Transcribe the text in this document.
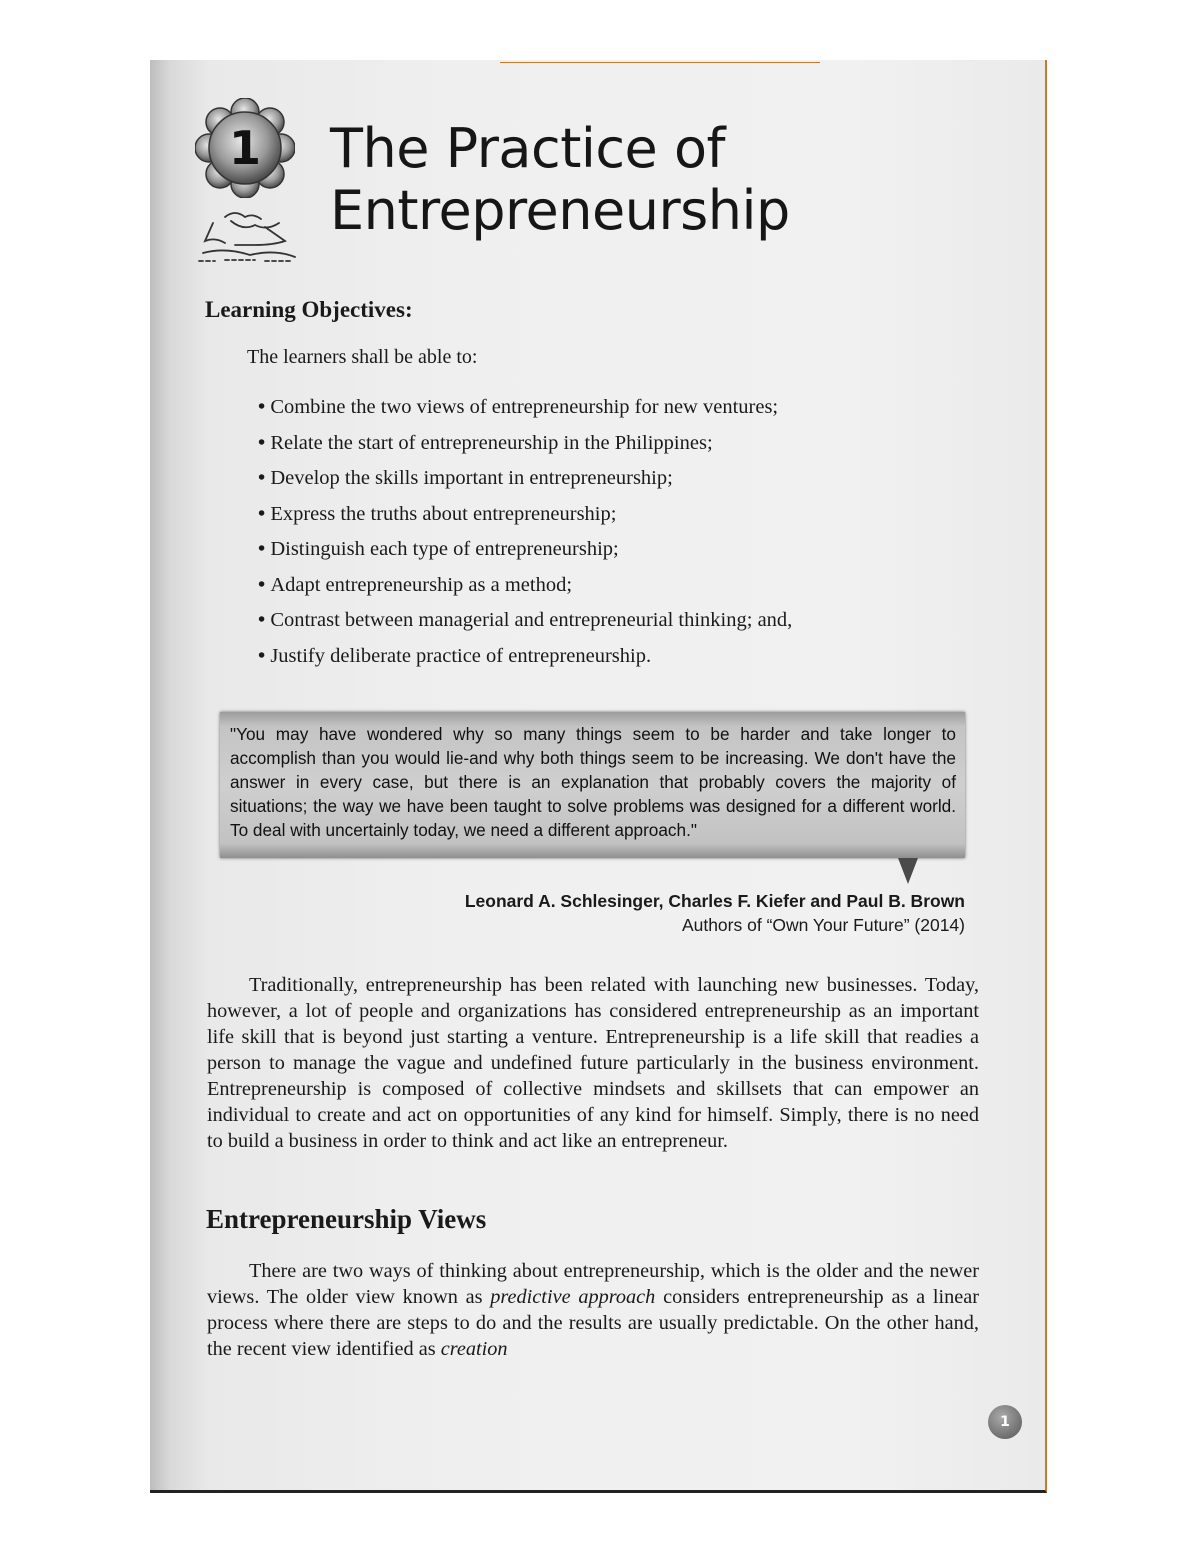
1	The Practice of
Entrepreneurship
Learning Objectives:
The learners shall be able to:
• Combine the two views of entrepreneurship for new ventures;
• Relate the start of entrepreneurship in the Philippines;
• Develop the skills important in entrepreneurship;
• Express the truths about entrepreneurship;
• Distinguish each type of entrepreneurship;
• Adapt entrepreneurship as a method;
• Contrast between managerial and entrepreneurial thinking; and,
• Justify deliberate practice of entrepreneurship.
"You may have wondered why so many things seem to be harder and take longer to accomplish than you would lie-and why both things seem to be increasing. We don't have the answer in every case, but there is an explanation that probably covers the majority of situations; the way we have been taught to solve problems was designed for a different world. To deal with uncertainly today, we need a different approach."
Leonard A. Schlesinger, Charles F. Kiefer and Paul B. Brown
Authors of “Own Your Future” (2014)
Traditionally, entrepreneurship has been related with launching new businesses. Today, however, a lot of people and organizations has considered entrepreneurship as an important life skill that is beyond just starting a venture. Entrepreneurship is a life skill that readies a person to manage the vague and undefined future particularly in the business environment. Entrepreneurship is composed of collective mindsets and skillsets that can empower an individual to create and act on opportunities of any kind for himself. Simply, there is no need to build a business in order to think and act like an entrepreneur.
Entrepreneurship Views
There are two ways of thinking about entrepreneurship, which is the older and the newer views. The older view known as predictive approach considers entrepreneurship as a linear process where there are steps to do and the results are usually predictable. On the other hand, the recent view identified as creation
1
